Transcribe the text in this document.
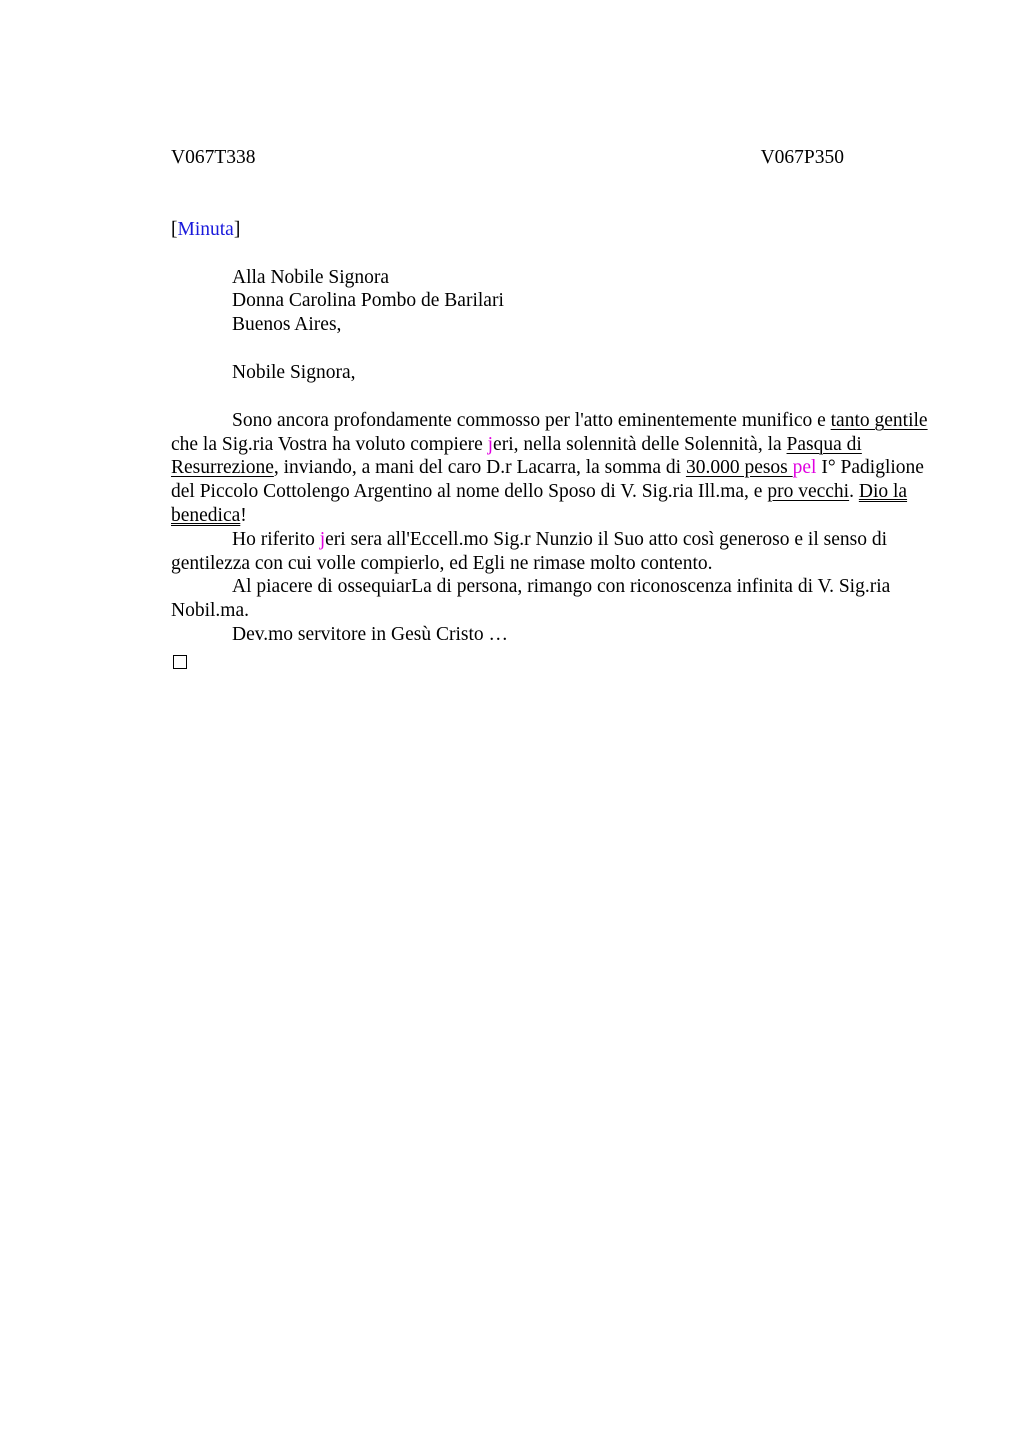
V067T338	V067P350
[Minuta]
Alla Nobile Signora
Donna Carolina Pombo de Barilari
Buenos Aires,
Nobile Signora,

Sono ancora profondamente commosso per l'atto eminentemente munifico e tanto gentile che la Sig.ria Vostra ha voluto compiere jeri, nella solennità delle Solennità, la Pasqua di Resurrezione, inviando, a mani del caro D.r Lacarra, la somma di 30.000 pesos pel I° Padiglione del Piccolo Cottolengo Argentino al nome dello Sposo di V. Sig.ria Ill.ma, e pro vecchi. Dio la benedica!

Ho riferito jeri sera all'Eccell.mo Sig.r Nunzio il Suo atto così generoso e il senso di gentilezza con cui volle compierlo, ed Egli ne rimase molto contento.

Al piacere di ossequiarLa di persona, rimango con riconoscenza infinita di V. Sig.ria Nobil.ma.

Dev.mo servitore in Gesù Cristo …
